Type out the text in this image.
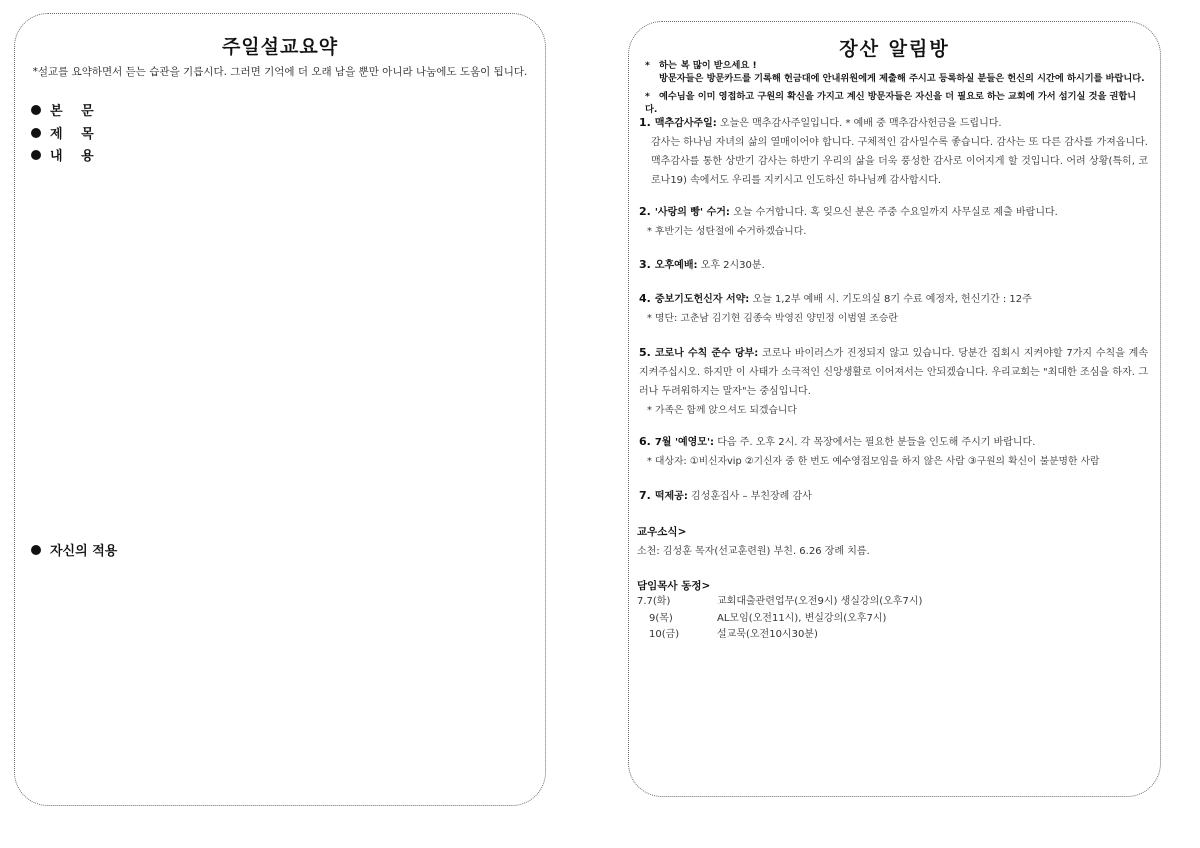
주일설교요약
*설교를 요약하면서 듣는 습관을 기릅시다. 그러면 기억에 더 오래 남을 뿐만 아니라 나눔에도 도움이 됩니다.
본 문
제 목
내 용
자신의 적용
장산 알림방
* 하는 복 많이 받으세요 !
방문자들은 방문카드를 기록해 헌금대에 안내위원에게 제출해 주시고 등록하실 분들은 헌신의 시간에 하시기를 바랍니다.
* 예수님을 이미 영접하고 구원의 확신을 가지고 계신 방문자들은 자신을 더 필요로 하는 교회에 가서 섬기실 것을 권합니다.
1. 맥추감사주일: 오늘은 맥추감사주일입니다. * 예배 중 맥추감사헌금을 드립니다.
감사는 하나님 자녀의 삶의 열매이어야 합니다. 구체적인 감사일수록 좋습니다. 감사는 또 다른 감사를 가져옵니다. 맥추감사를 통한 상반기 감사는 하반기 우리의 삶을 더욱 풍성한 감사로 이어지게 할 것입니다. 어려 상황(특히, 코로나19) 속에서도 우리를 지키시고 인도하신 하나님께 감사합시다.
2. '사랑의 빵' 수거: 오늘 수거합니다. 혹 잊으신 분은 주중 수요일까지 사무실로 제출 바랍니다.
* 후반기는 성탄절에 수거하겠습니다.
3. 오후예배: 오후 2시30분.
4. 중보기도헌신자 서약: 오늘 1,2부 예배 시. 기도의실 8기 수료 예정자, 헌신기간 : 12주
* 명단: 고춘남 김기현 김종숙 박영진 양민정 이범열 조승란
5. 코로나 수칙 준수 당부: 코로나 바이러스가 진정되지 않고 있습니다. 당분간 집회시 지켜야할 7가지 수칙을 계속 지켜주십시오. 하지만 이 사태가 소극적인 신앙생활로 이어져서는 안되겠습니다. 우리교회는 "최대한 조심을 하자. 그러나 두려워하지는 말자"는 중심입니다.
* 가족은 함께 앉으셔도 되겠습니다
6. 7월 '예영모': 다음 주. 오후 2시. 각 목장에서는 필요한 분들을 인도해 주시기 바랍니다.
* 대상자: ①비신자vip ②기신자 중 한 번도 예수영접모임을 하지 않은 사람 ③구원의 확신이 불분명한 사람
7. 떡제공: 김성훈집사 – 부친장례 감사
교우소식>
소천: 김성훈 목자(선교훈련원) 부친. 6.26 장례 치름.
담임목사 동정>
7.7(화)	교회대출관련업무(오전9시) 생실강의(오후7시)
9(목)	AL모임(오전11시), 변실강의(오후7시)
10(금)	설교묵(오전10시30분)
